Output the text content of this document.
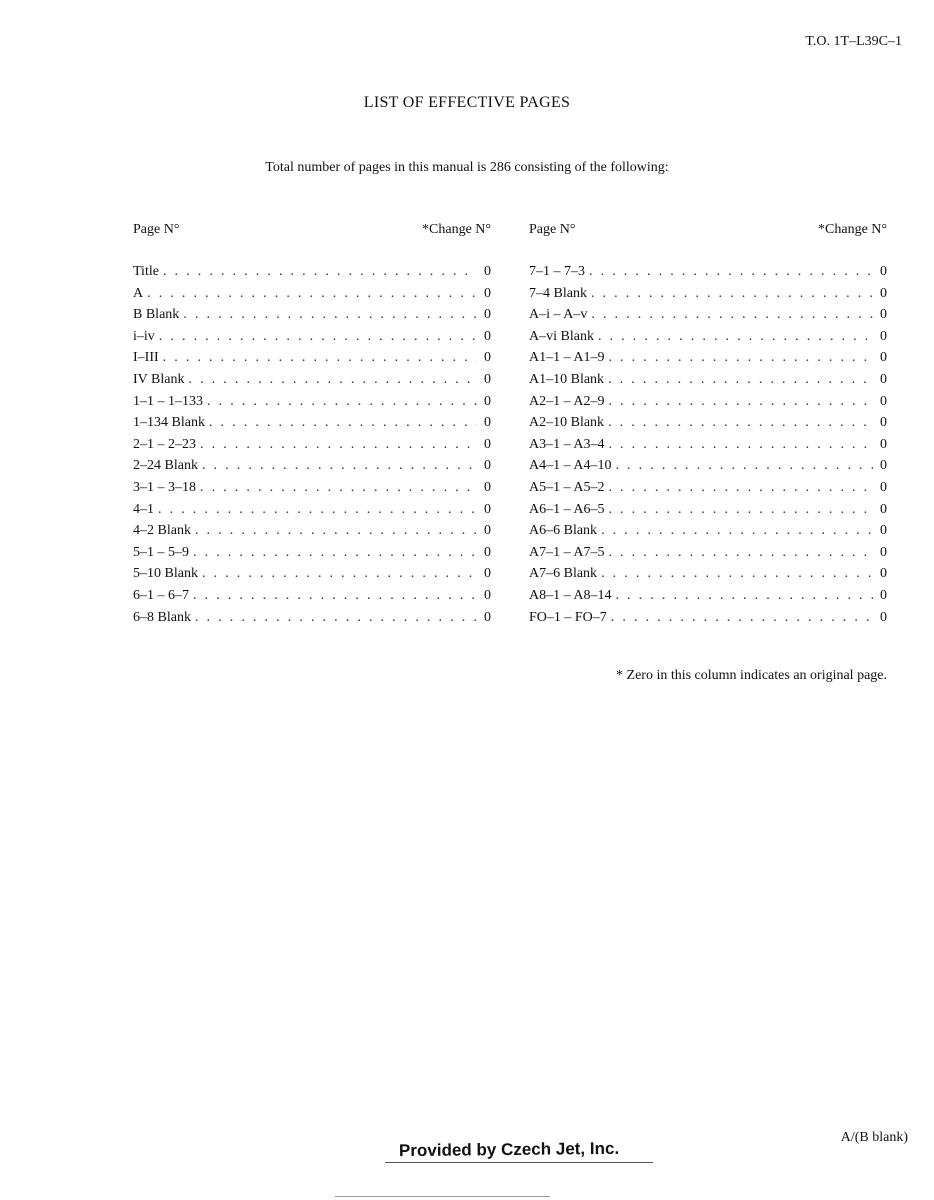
T.O. 1T–L39C–1
LIST OF EFFECTIVE PAGES
Total number of pages in this manual is 286 consisting of the following:
Page N°	*Change N°
Title . . .	0
A . . .	0
B Blank . . .	0
i–iv . . .	0
I–III . . .	0
IV Blank . . .	0
1–1 – 1–133 . . .	0
1–134 Blank . . .	0
2–1 – 2–23 . . .	0
2–24 Blank . . .	0
3–1 – 3–18 . . .	0
4–1 . . .	0
4–2 Blank . . .	0
5–1 – 5–9 . . .	0
5–10 Blank . . .	0
6–1 – 6–7 . . .	0
6–8 Blank . . .	0
Page N°	*Change N°
7–1 – 7–3 . . .	0
7–4 Blank . . .	0
A–i – A–v . . .	0
A–vi Blank . . .	0
A1–1 – A1–9 . . .	0
A1–10 Blank . . .	0
A2–1 – A2–9 . . .	0
A2–10 Blank . . .	0
A3–1 – A3–4 . . .	0
A4–1 – A4–10 . . .	0
A5–1 – A5–2 . . .	0
A6–1 – A6–5 . . .	0
A6–6 Blank . . .	0
A7–1 – A7–5 . . .	0
A7–6 Blank . . .	0
A8–1 – A8–14 . . .	0
FO–1 – FO–7 . . .	0
* Zero in this column indicates an original page.
Provided by Czech Jet, Inc.
A/(B blank)
